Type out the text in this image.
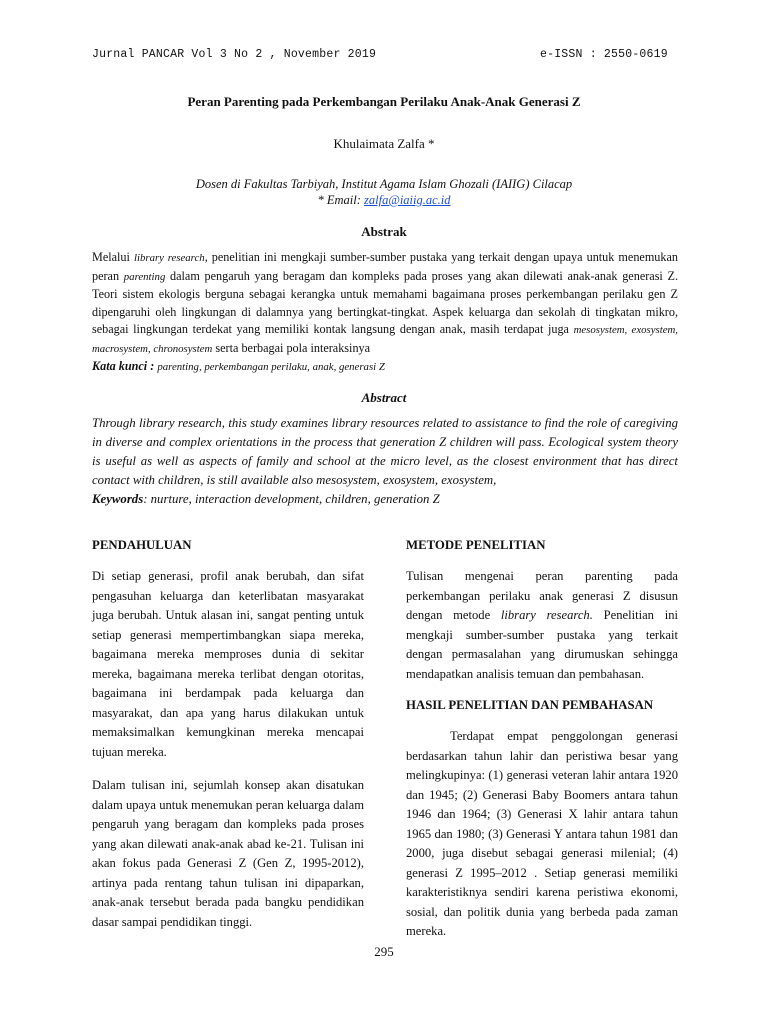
Jurnal PANCAR Vol 3 No 2 , November 2019	e-ISSN : 2550-0619
Peran Parenting pada Perkembangan Perilaku Anak-Anak Generasi Z
Khulaimata Zalfa *
Dosen di Fakultas Tarbiyah, Institut Agama Islam Ghozali (IAIIG) Cilacap
* Email: zalfa@iaiig.ac.id
Abstrak
Melalui library research, penelitian ini mengkaji sumber-sumber pustaka yang terkait dengan upaya untuk menemukan peran parenting dalam pengaruh yang beragam dan kompleks pada proses yang akan dilewati anak-anak generasi Z. Teori sistem ekologis berguna sebagai kerangka untuk memahami bagaimana proses perkembangan perilaku gen Z dipengaruhi oleh lingkungan di dalamnya yang bertingkat-tingkat. Aspek keluarga dan sekolah di tingkatan mikro, sebagai lingkungan terdekat yang memiliki kontak langsung dengan anak, masih terdapat juga mesosystem, exosystem, macrosystem, chronosystem serta berbagai pola interaksinya
Kata kunci : parenting, perkembangan perilaku, anak, generasi Z
Abstract
Through library research, this study examines library resources related to assistance to find the role of caregiving in diverse and complex orientations in the process that generation Z children will pass. Ecological system theory is useful as well as aspects of family and school at the micro level, as the closest environment that has direct contact with children, is still available also mesosystem, exosystem, exosystem,
Keywords: nurture, interaction development, children, generation Z
PENDAHULUAN
Di setiap generasi, profil anak berubah, dan sifat pengasuhan keluarga dan keterlibatan masyarakat juga berubah. Untuk alasan ini, sangat penting untuk setiap generasi mempertimbangkan siapa mereka, bagaimana mereka memproses dunia di sekitar mereka, bagaimana mereka terlibat dengan otoritas, bagaimana ini berdampak pada keluarga dan masyarakat, dan apa yang harus dilakukan untuk memaksimalkan kemungkinan mereka mencapai tujuan mereka.
Dalam tulisan ini, sejumlah konsep akan disatukan dalam upaya untuk menemukan peran keluarga dalam pengaruh yang beragam dan kompleks pada proses yang akan dilewati anak-anak abad ke-21. Tulisan ini akan fokus pada Generasi Z (Gen Z, 1995-2012), artinya pada rentang tahun tulisan ini dipaparkan, anak-anak tersebut berada pada bangku pendidikan dasar sampai pendidikan tinggi.
METODE PENELITIAN
Tulisan mengenai peran parenting pada perkembangan perilaku anak generasi Z disusun dengan metode library research. Penelitian ini mengkaji sumber-sumber pustaka yang terkait dengan permasalahan yang dirumuskan sehingga mendapatkan analisis temuan dan pembahasan.
HASIL PENELITIAN DAN PEMBAHASAN
Terdapat empat penggolongan generasi berdasarkan tahun lahir dan peristiwa besar yang melingkupinya: (1) generasi veteran lahir antara 1920 dan 1945; (2) Generasi Baby Boomers antara tahun 1946 dan 1964; (3) Generasi X lahir antara tahun 1965 dan 1980; (3) Generasi Y antara tahun 1981 dan 2000, juga disebut sebagai generasi milenial; (4) generasi Z 1995–2012 . Setiap generasi memiliki karakteristiknya sendiri karena peristiwa ekonomi, sosial, dan politik dunia yang berbeda pada zaman mereka.
295
